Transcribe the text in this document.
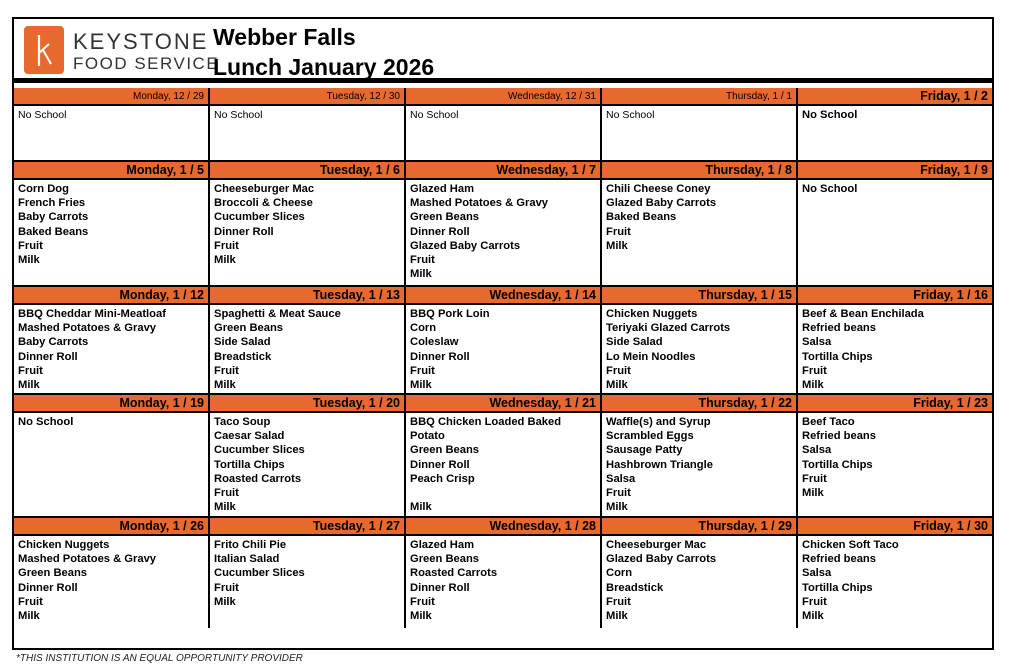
KEYSTONE
FOOD SERVICE
Webber Falls
Lunch January 2026
Monday, 12 / 29
No School
Tuesday, 12 / 30
No School
Wednesday, 12 / 31
No School
Thursday, 1 / 1
No School
Friday, 1 / 2
No School
Monday, 1 / 5
Corn Dog
French Fries
Baby Carrots
Baked Beans
Fruit
Milk
Tuesday, 1 / 6
Cheeseburger Mac
Broccoli & Cheese
Cucumber Slices
Dinner Roll
Fruit
Milk
Wednesday, 1 / 7
Glazed Ham
Mashed Potatoes & Gravy
Green Beans
Dinner Roll
Glazed Baby Carrots
Fruit
Milk
Thursday, 1 / 8
Chili Cheese Coney
Glazed Baby Carrots
Baked Beans
Fruit
Milk
Friday, 1 / 9
No School
Monday, 1 / 12
BBQ Cheddar Mini-Meatloaf
Mashed Potatoes & Gravy
Baby Carrots
Dinner Roll
Fruit
Milk
Tuesday, 1 / 13
Spaghetti & Meat Sauce
Green Beans
Side Salad
Breadstick
Fruit
Milk
Wednesday, 1 / 14
BBQ Pork Loin
Corn
Coleslaw
Dinner Roll
Fruit
Milk
Thursday, 1 / 15
Chicken Nuggets
Teriyaki Glazed Carrots
Side Salad
Lo Mein Noodles
Fruit
Milk
Friday, 1 / 16
Beef & Bean Enchilada
Refried beans
Salsa
Tortilla Chips
Fruit
Milk
Monday, 1 / 19
No School
Tuesday, 1 / 20
Taco Soup
Caesar Salad
Cucumber Slices
Tortilla Chips
Roasted Carrots
Fruit
Milk
Wednesday, 1 / 21
BBQ Chicken Loaded Baked
Potato
Green Beans
Dinner Roll
Peach Crisp
Milk
Thursday, 1 / 22
Waffle(s) and Syrup
Scrambled Eggs
Sausage Patty
Hashbrown Triangle
Salsa
Fruit
Milk
Friday, 1 / 23
Beef Taco
Refried beans
Salsa
Tortilla Chips
Fruit
Milk
Monday, 1 / 26
Chicken Nuggets
Mashed Potatoes & Gravy
Green Beans
Dinner Roll
Fruit
Milk
Tuesday, 1 / 27
Frito Chili Pie
Italian Salad
Cucumber Slices
Fruit
Milk
Wednesday, 1 / 28
Glazed Ham
Green Beans
Roasted Carrots
Dinner Roll
Fruit
Milk
Thursday, 1 / 29
Cheeseburger Mac
Glazed Baby Carrots
Corn
Breadstick
Fruit
Milk
Friday, 1 / 30
Chicken Soft Taco
Refried beans
Salsa
Tortilla Chips
Fruit
Milk
*THIS INSTITUTION IS AN EQUAL OPPORTUNITY PROVIDER
